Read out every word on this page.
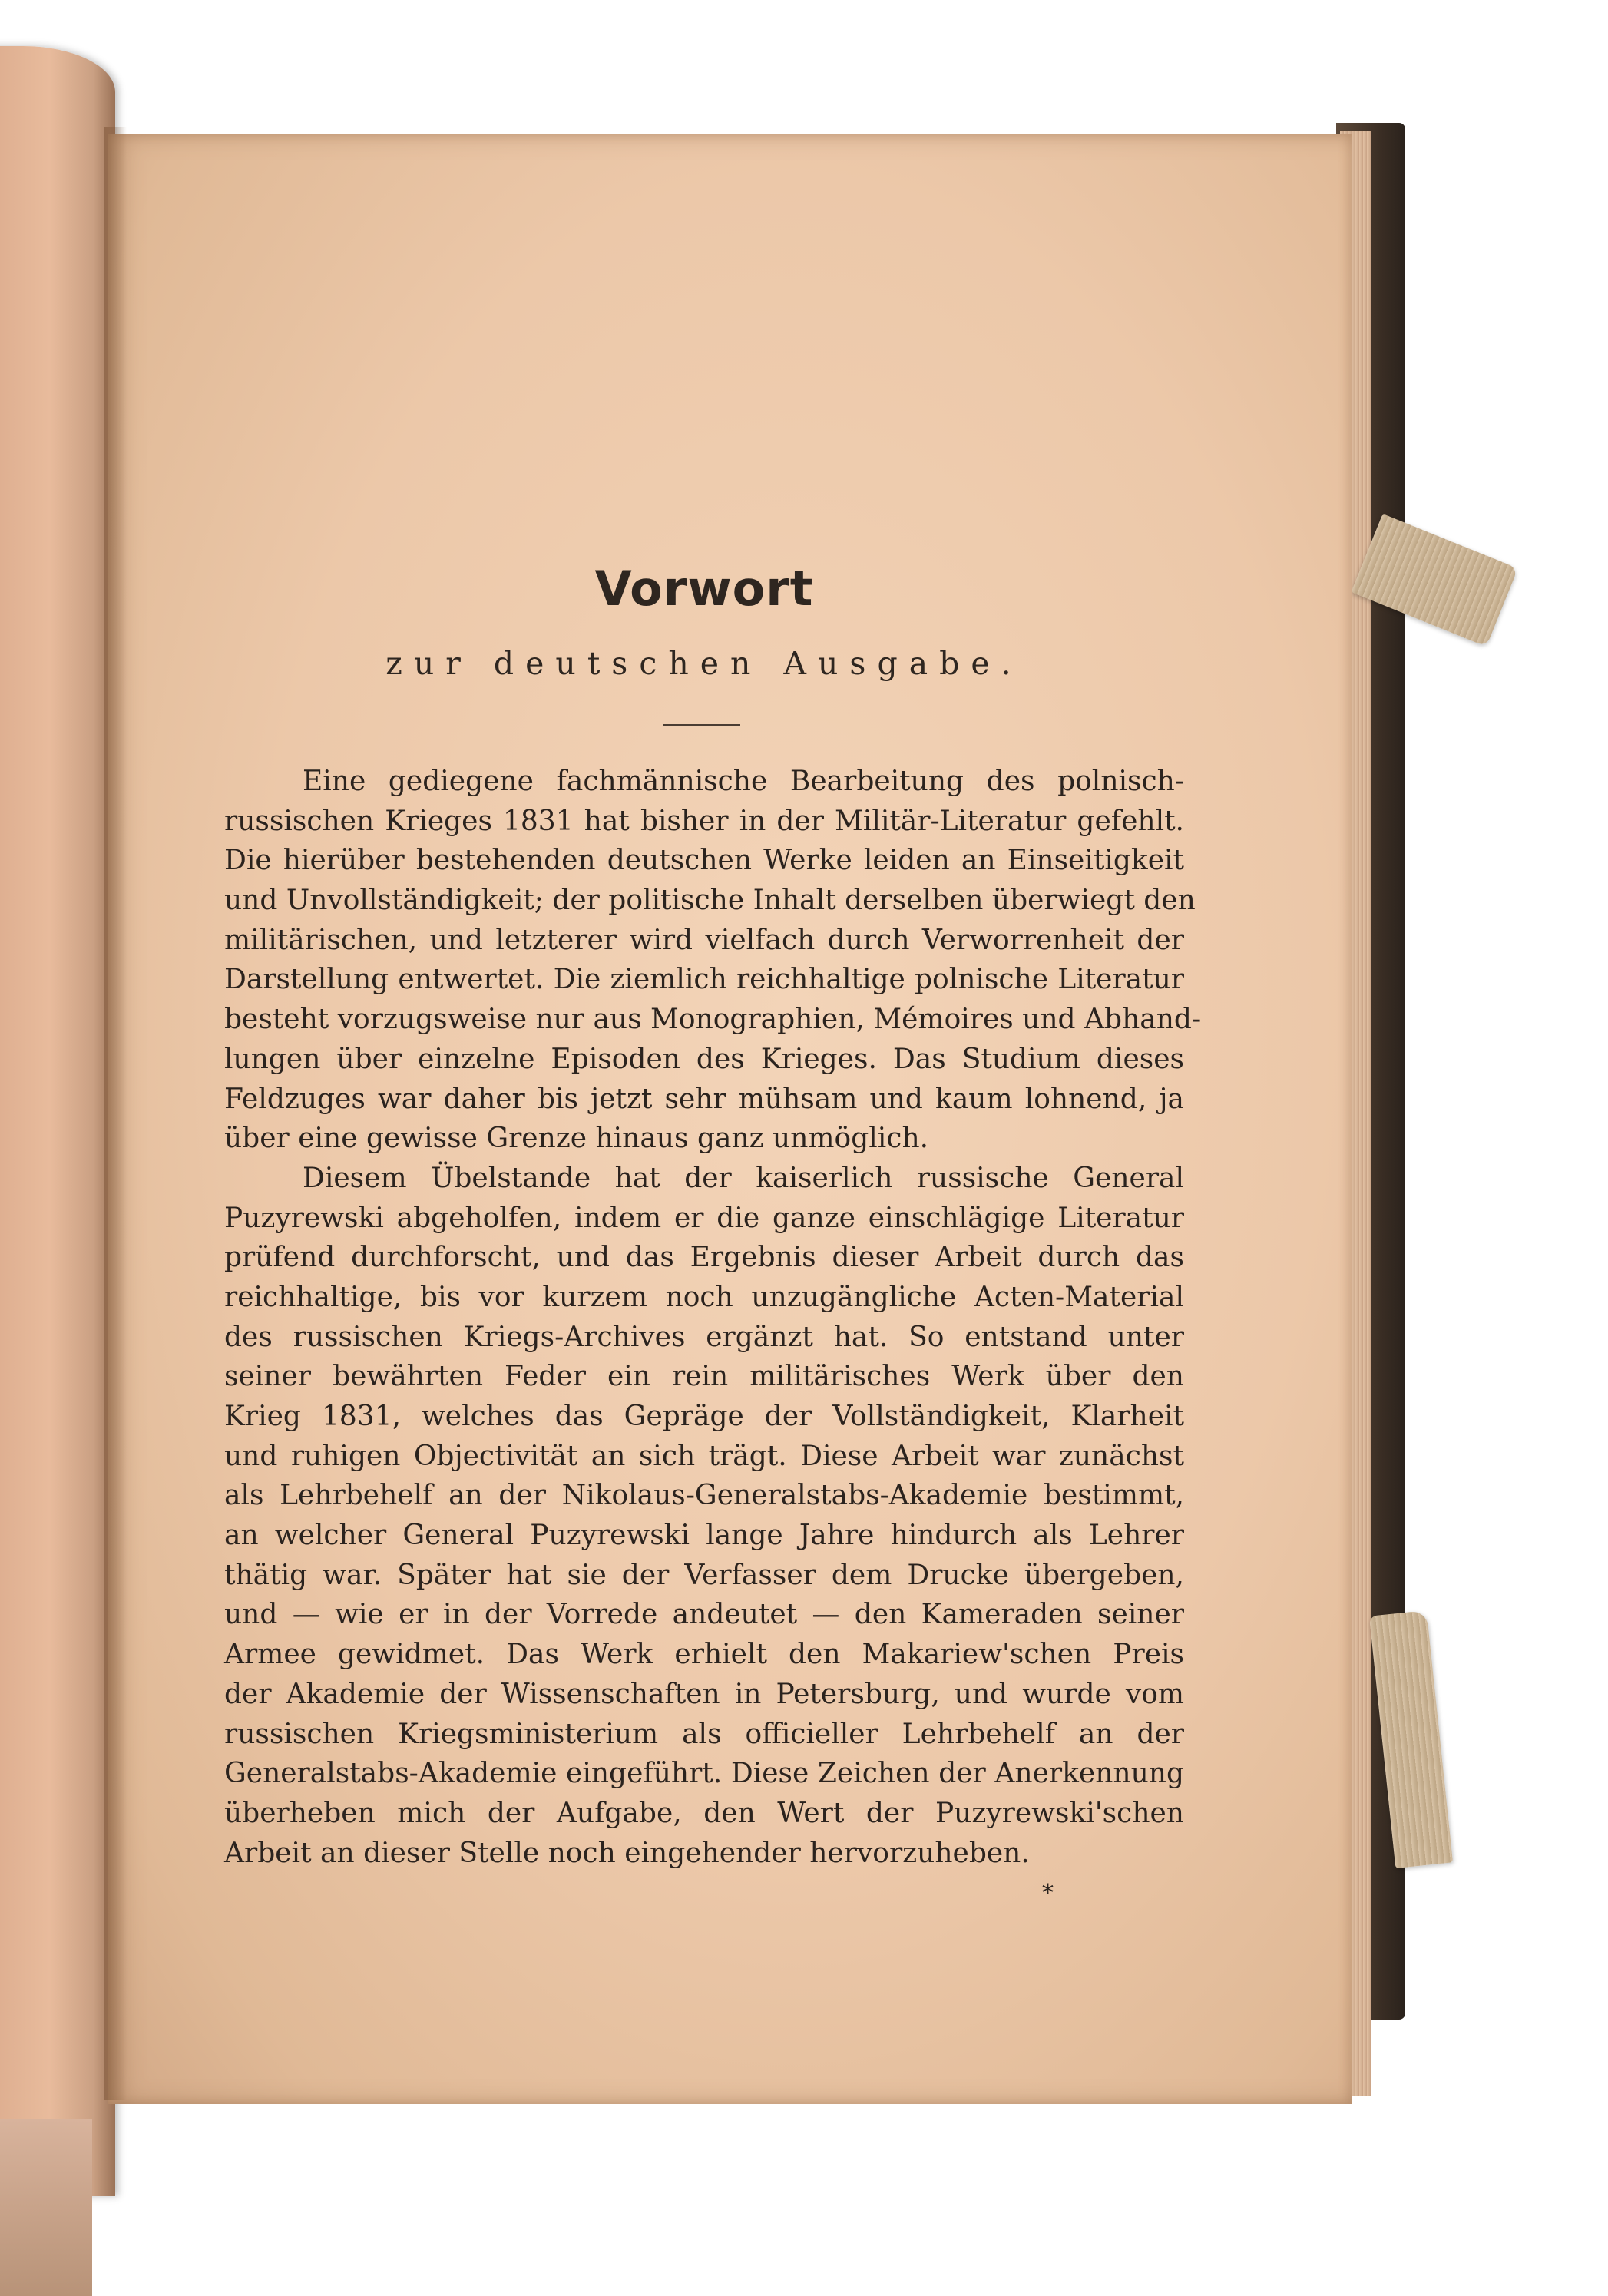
Vorwort
zur deutschen Ausgabe.
Eine gediegene fachmännische Bearbeitung des polnisch-
russischen Krieges 1831 hat bisher in der Militär-Literatur gefehlt.
Die hierüber bestehenden deutschen Werke leiden an Einseitigkeit
und Unvollständigkeit; der politische Inhalt derselben überwiegt den
militärischen, und letzterer wird vielfach durch Verworrenheit der
Darstellung entwertet. Die ziemlich reichhaltige polnische Literatur
besteht vorzugsweise nur aus Monographien, Mémoires und Abhand-
lungen über einzelne Episoden des Krieges. Das Studium dieses
Feldzuges war daher bis jetzt sehr mühsam und kaum lohnend, ja
über eine gewisse Grenze hinaus ganz unmöglich.
Diesem Übelstande hat der kaiserlich russische General
Puzyrewski abgeholfen, indem er die ganze einschlägige Literatur
prüfend durchforscht, und das Ergebnis dieser Arbeit durch das
reichhaltige, bis vor kurzem noch unzugängliche Acten-Material
des russischen Kriegs-Archives ergänzt hat. So entstand unter
seiner bewährten Feder ein rein militärisches Werk über den
Krieg 1831, welches das Gepräge der Vollständigkeit, Klarheit
und ruhigen Objectivität an sich trägt. Diese Arbeit war zunächst
als Lehrbehelf an der Nikolaus-Generalstabs-Akademie bestimmt,
an welcher General Puzyrewski lange Jahre hindurch als Lehrer
thätig war. Später hat sie der Verfasser dem Drucke übergeben,
und — wie er in der Vorrede andeutet — den Kameraden seiner
Armee gewidmet. Das Werk erhielt den Makariew'schen Preis
der Akademie der Wissenschaften in Petersburg, und wurde vom
russischen Kriegsministerium als officieller Lehrbehelf an der
Generalstabs-Akademie eingeführt. Diese Zeichen der Anerkennung
überheben mich der Aufgabe, den Wert der Puzyrewski'schen
Arbeit an dieser Stelle noch eingehender hervorzuheben.
*
